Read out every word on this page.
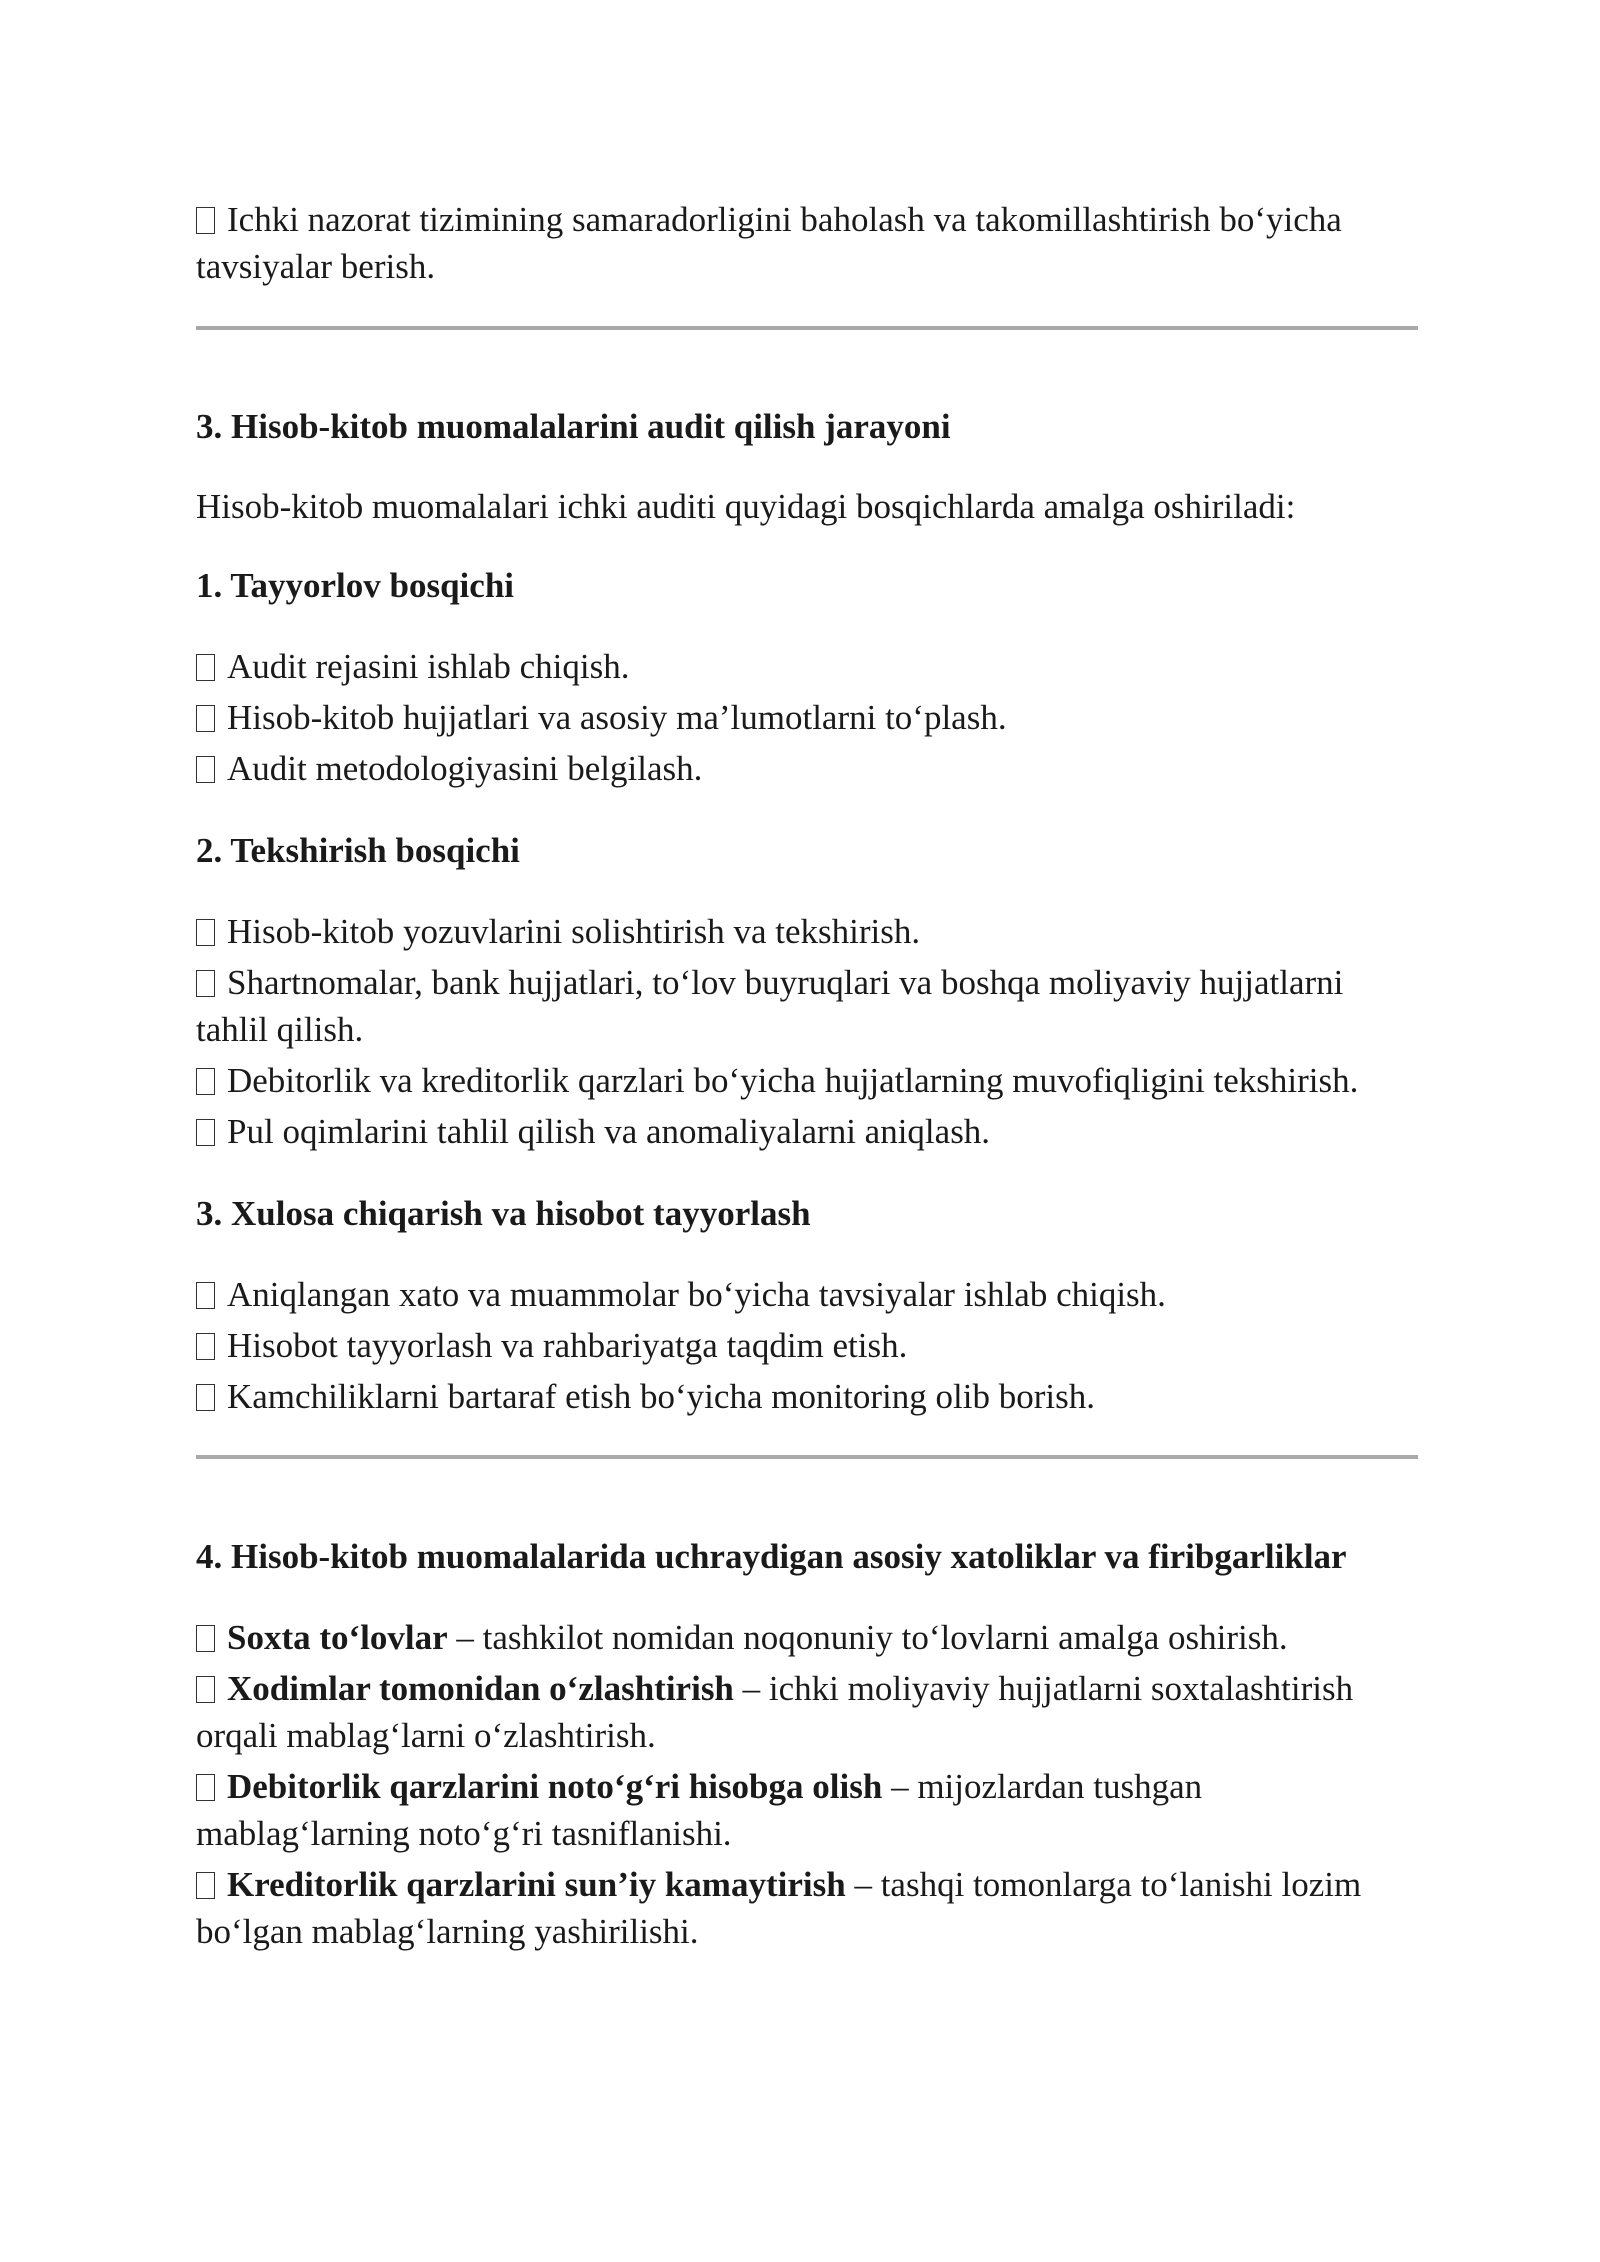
Ichki nazorat tizimining samaradorligini baholash va takomillashtirish bo‘yicha tavsiyalar berish.

3. Hisob-kitob muomalalarini audit qilish jarayoni

Hisob-kitob muomalalari ichki auditi quyidagi bosqichlarda amalga oshiriladi:

1. Tayyorlov bosqichi

Audit rejasini ishlab chiqish.

Hisob-kitob hujjatlari va asosiy ma’lumotlarni to‘plash.

Audit metodologiyasini belgilash.

2. Tekshirish bosqichi

Hisob-kitob yozuvlarini solishtirish va tekshirish.

Shartnomalar, bank hujjatlari, to‘lov buyruqlari va boshqa moliyaviy hujjatlarni tahlil qilish.

Debitorlik va kreditorlik qarzlari bo‘yicha hujjatlarning muvofiqligini tekshirish.

Pul oqimlarini tahlil qilish va anomaliyalarni aniqlash.

3. Xulosa chiqarish va hisobot tayyorlash

Aniqlangan xato va muammolar bo‘yicha tavsiyalar ishlab chiqish.

Hisobot tayyorlash va rahbariyatga taqdim etish.

Kamchiliklarni bartaraf etish bo‘yicha monitoring olib borish.

4. Hisob-kitob muomalalarida uchraydigan asosiy xatoliklar va firibgarliklar

Soxta to‘lovlar – tashkilot nomidan noqonuniy to‘lovlarni amalga oshirish.

Xodimlar tomonidan o‘zlashtirish – ichki moliyaviy hujjatlarni soxtalashtirish orqali mablag‘larni o‘zlashtirish.

Debitorlik qarzlarini noto‘g‘ri hisobga olish – mijozlardan tushgan mablag‘larning noto‘g‘ri tasniflanishi.

Kreditorlik qarzlarini sun’iy kamaytirish – tashqi tomonlarga to‘lanishi lozim bo‘lgan mablag‘larning yashirilishi.
